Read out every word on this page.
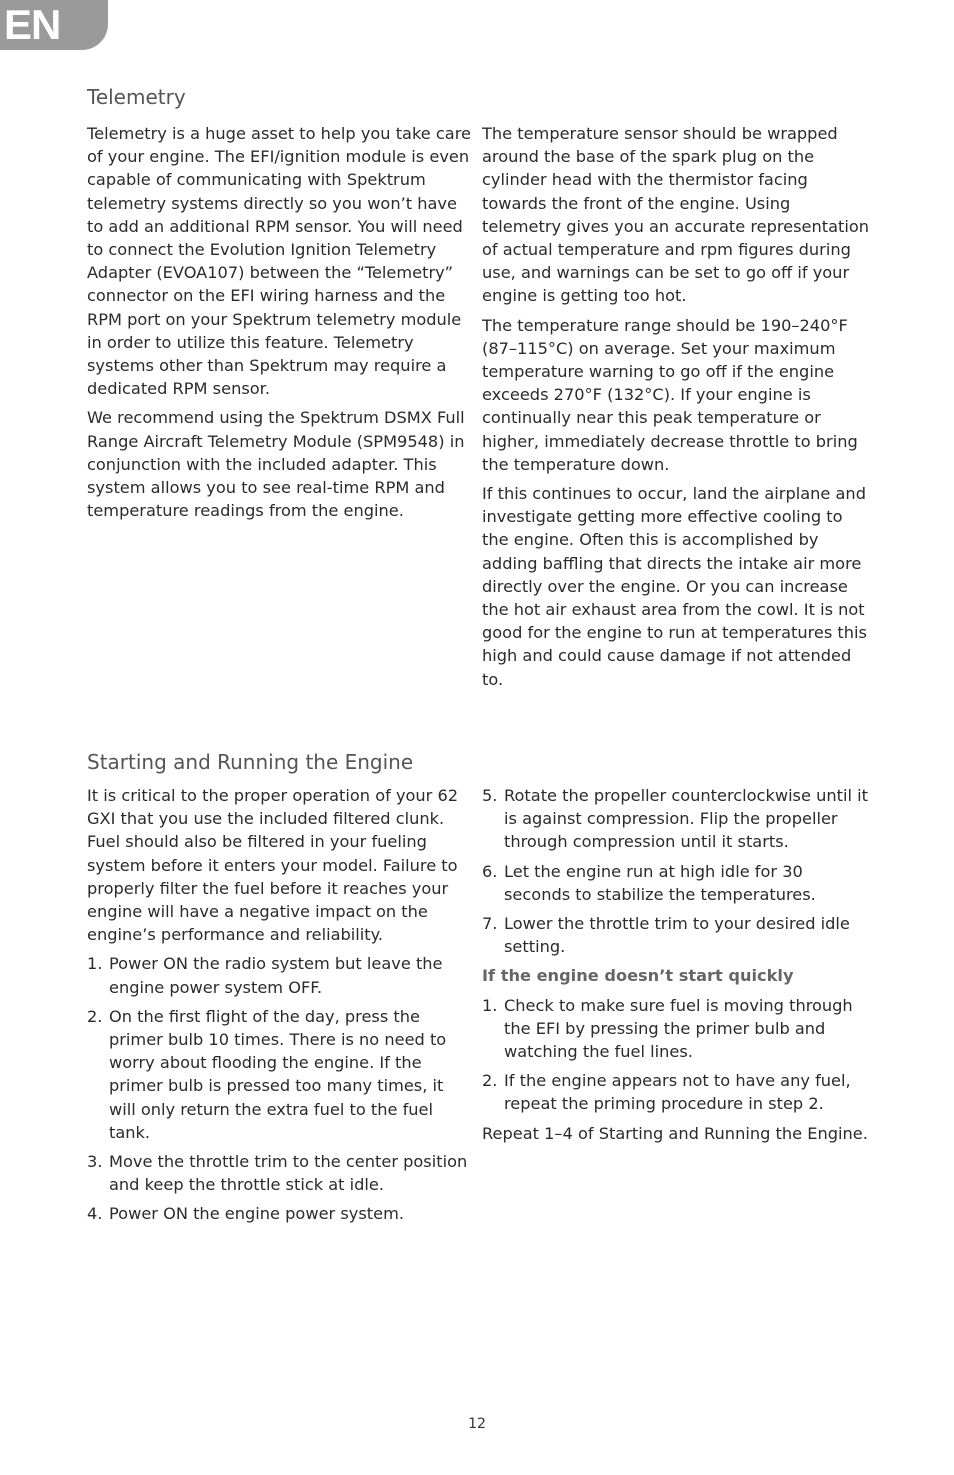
EN
Telemetry

Telemetry is a huge asset to help you take care of your engine. The EFI/ignition module is even capable of communicating with Spektrum telemetry systems directly so you won’t have to add an additional RPM sensor. You will need to connect the Evolution Ignition Telemetry Adapter (EVOA107) between the “Telemetry” connector on the EFI wiring harness and the RPM port on your Spektrum telemetry module in order to utilize this feature. Telemetry systems other than Spektrum may require a dedicated RPM sensor.

We recommend using the Spektrum DSMX Full Range Aircraft Telemetry Module (SPM9548) in conjunction with the included adapter. This system allows you to see real-time RPM and temperature readings from the engine.

The temperature sensor should be wrapped around the base of the spark plug on the cylinder head with the thermistor facing towards the front of the engine. Using telemetry gives you an accurate representation of actual temperature and rpm figures during use, and warnings can be set to go off if your engine is getting too hot.

The temperature range should be 190–240°F (87–115°C) on average. Set your maximum temperature warning to go off if the engine exceeds 270°F (132°C). If your engine is continually near this peak temperature or higher, immediately decrease throttle to bring the temperature down.

If this continues to occur, land the airplane and investigate getting more effective cooling to the engine. Often this is accomplished by adding baffling that directs the intake air more directly over the engine. Or you can increase the hot air exhaust area from the cowl. It is not good for the engine to run at temperatures this high and could cause damage if not attended to.

Starting and Running the Engine

It is critical to the proper operation of your 62 GXI that you use the included filtered clunk. Fuel should also be filtered in your fueling system before it enters your model. Failure to properly filter the fuel before it reaches your engine will have a negative impact on the engine’s performance and reliability.

1. Power ON the radio system but leave the engine power system OFF.
2. On the first flight of the day, press the primer bulb 10 times. There is no need to worry about flooding the engine. If the primer bulb is pressed too many times, it will only return the extra fuel to the fuel tank.
3. Move the throttle trim to the center position and keep the throttle stick at idle.
4. Power ON the engine power system.
5. Rotate the propeller counterclockwise until it is against compression. Flip the propeller through compression until it starts.
6. Let the engine run at high idle for 30 seconds to stabilize the temperatures.
7. Lower the throttle trim to your desired idle setting.

If the engine doesn’t start quickly

1. Check to make sure fuel is moving through the EFI by pressing the primer bulb and watching the fuel lines.
2. If the engine appears not to have any fuel, repeat the priming procedure in step 2.

Repeat 1–4 of Starting and Running the Engine.

12
